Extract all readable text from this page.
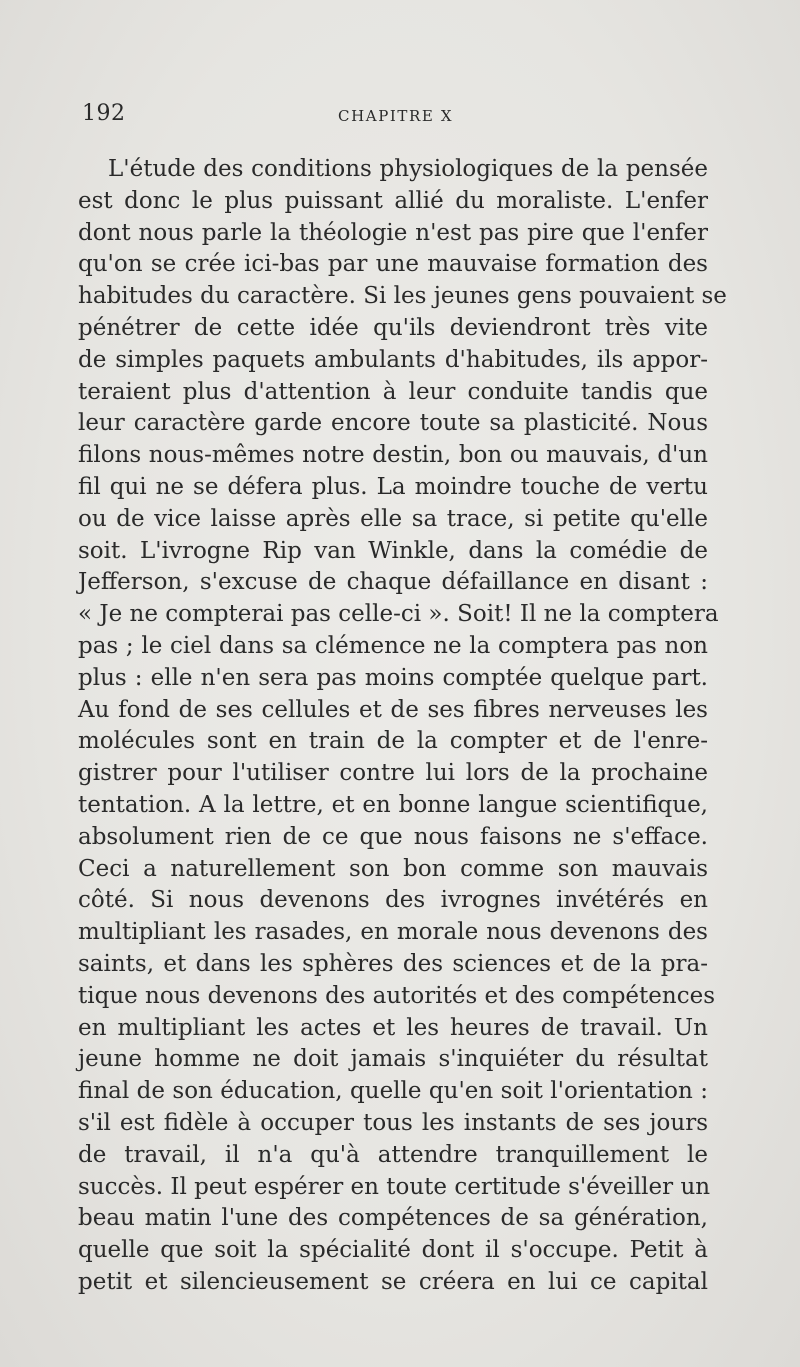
192	CHAPITRE X
L'étude des conditions physiologiques de la pensée
est donc le plus puissant allié du moraliste. L'enfer
dont nous parle la théologie n'est pas pire que l'enfer
qu'on se crée ici-bas par une mauvaise formation des
habitudes du caractère. Si les jeunes gens pouvaient se
pénétrer de cette idée qu'ils deviendront très vite
de simples paquets ambulants d'habitudes, ils appor-
teraient plus d'attention à leur conduite tandis que
leur caractère garde encore toute sa plasticité. Nous
filons nous-mêmes notre destin, bon ou mauvais, d'un
fil qui ne se défera plus. La moindre touche de vertu
ou de vice laisse après elle sa trace, si petite qu'elle
soit. L'ivrogne Rip van Winkle, dans la comédie de
Jefferson, s'excuse de chaque défaillance en disant :
« Je ne compterai pas celle-ci ». Soit! Il ne la comptera
pas ; le ciel dans sa clémence ne la comptera pas non
plus : elle n'en sera pas moins comptée quelque part.
Au fond de ses cellules et de ses fibres nerveuses les
molécules sont en train de la compter et de l'enre-
gistrer pour l'utiliser contre lui lors de la prochaine
tentation. A la lettre, et en bonne langue scientifique,
absolument rien de ce que nous faisons ne s'efface.
Ceci a naturellement son bon comme son mauvais
côté. Si nous devenons des ivrognes invétérés en
multipliant les rasades, en morale nous devenons des
saints, et dans les sphères des sciences et de la pra-
tique nous devenons des autorités et des compétences
en multipliant les actes et les heures de travail. Un
jeune homme ne doit jamais s'inquiéter du résultat
final de son éducation, quelle qu'en soit l'orientation :
s'il est fidèle à occuper tous les instants de ses jours
de travail, il n'a qu'à attendre tranquillement le
succès. Il peut espérer en toute certitude s'éveiller un
beau matin l'une des compétences de sa génération,
quelle que soit la spécialité dont il s'occupe. Petit à
petit et silencieusement se créera en lui ce capital
